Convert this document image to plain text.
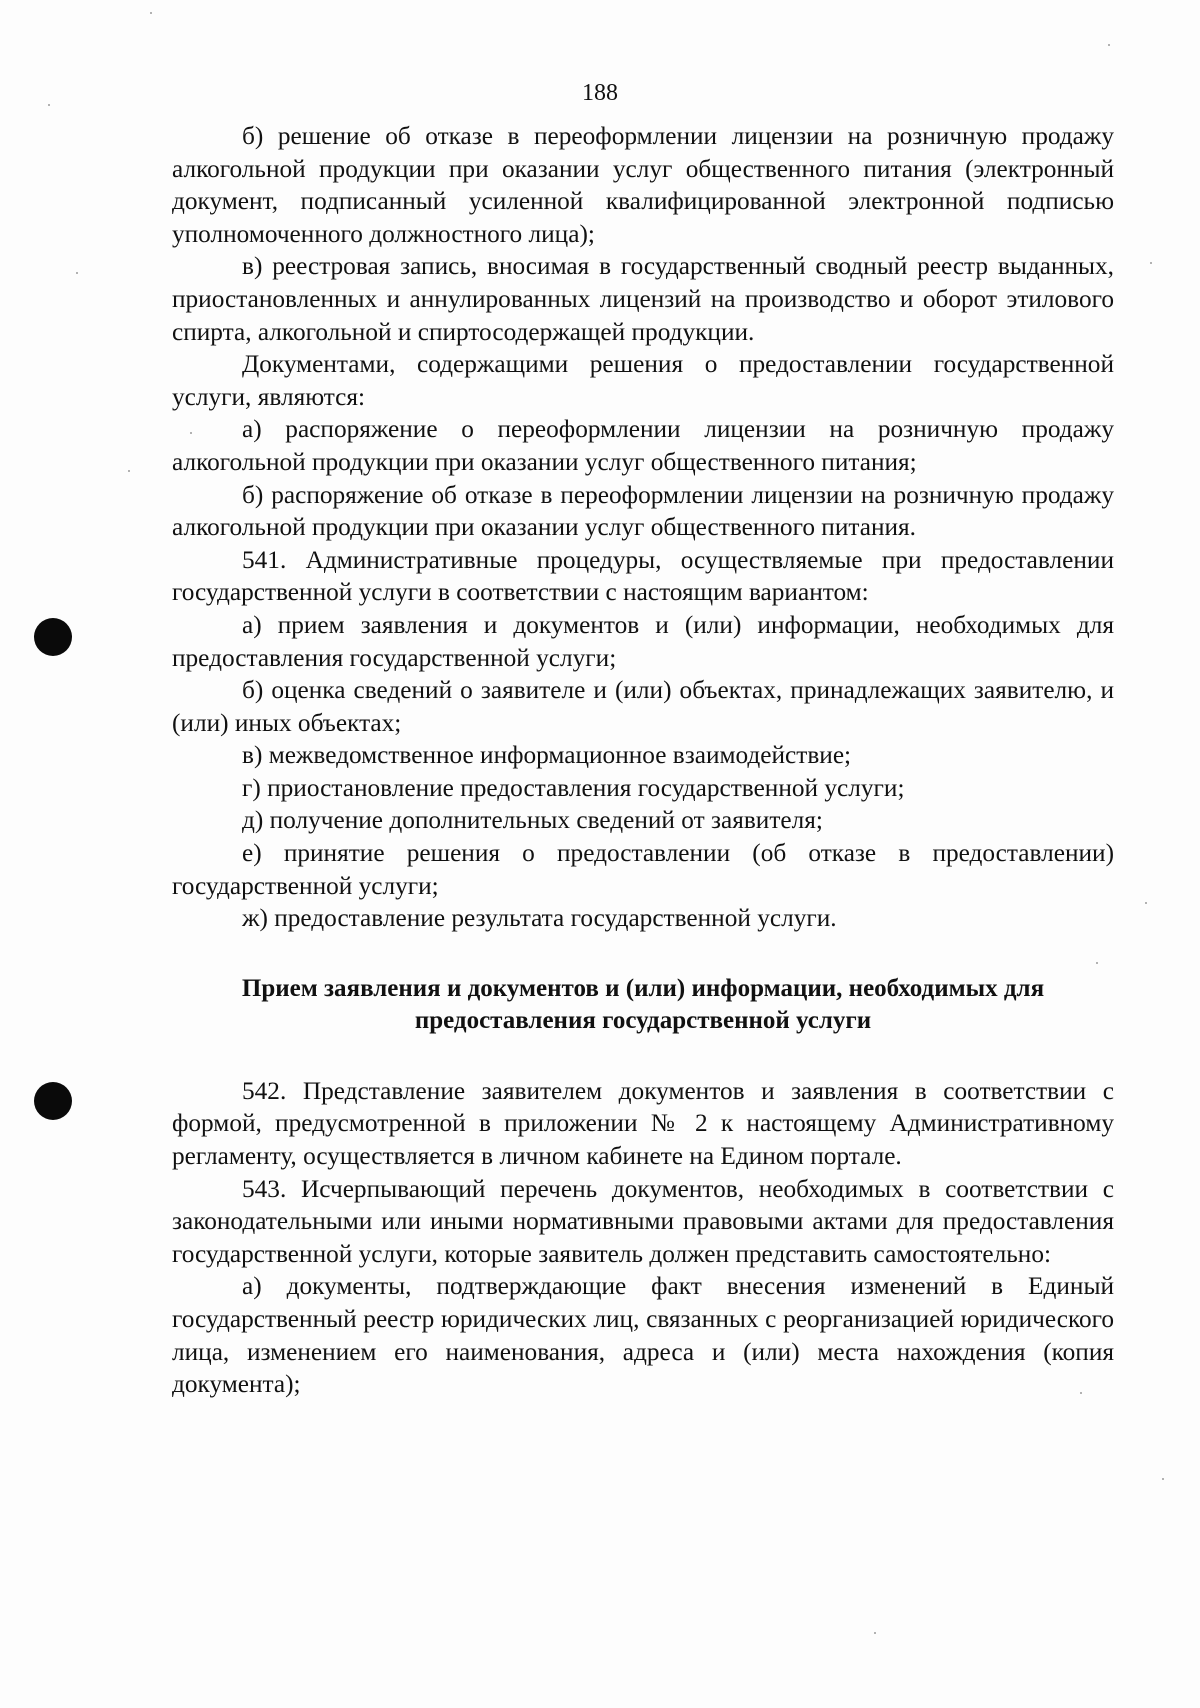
188

б) решение об отказе в переоформлении лицензии на розничную продажу алкогольной продукции при оказании услуг общественного питания (электронный документ, подписанный усиленной квалифицированной электронной подписью уполномоченного должностного лица);

в) реестровая запись, вносимая в государственный сводный реестр выданных, приостановленных и аннулированных лицензий на производство и оборот этилового спирта, алкогольной и спиртосодержащей продукции.

Документами, содержащими решения о предоставлении государственной услуги, являются:

а) распоряжение о переоформлении лицензии на розничную продажу алкогольной продукции при оказании услуг общественного питания;

б) распоряжение об отказе в переоформлении лицензии на розничную продажу алкогольной продукции при оказании услуг общественного питания.

541. Административные процедуры, осуществляемые при предоставлении государственной услуги в соответствии с настоящим вариантом:

а) прием заявления и документов и (или) информации, необходимых для предоставления государственной услуги;

б) оценка сведений о заявителе и (или) объектах, принадлежащих заявителю, и (или) иных объектах;

в) межведомственное информационное взаимодействие;

г) приостановление предоставления государственной услуги;

д) получение дополнительных сведений от заявителя;

е) принятие решения о предоставлении (об отказе в предоставлении) государственной услуги;

ж) предоставление результата государственной услуги.

Прием заявления и документов и (или) информации, необходимых для предоставления государственной услуги

542. Представление заявителем документов и заявления в соответствии с формой, предусмотренной в приложении № 2 к настоящему Административному регламенту, осуществляется в личном кабинете на Едином портале.

543. Исчерпывающий перечень документов, необходимых в соответствии с законодательными или иными нормативными правовыми актами для предоставления государственной услуги, которые заявитель должен представить самостоятельно:

а) документы, подтверждающие факт внесения изменений в Единый государственный реестр юридических лиц, связанных с реорганизацией юридического лица, изменением его наименования, адреса и (или) места нахождения (копия документа);
